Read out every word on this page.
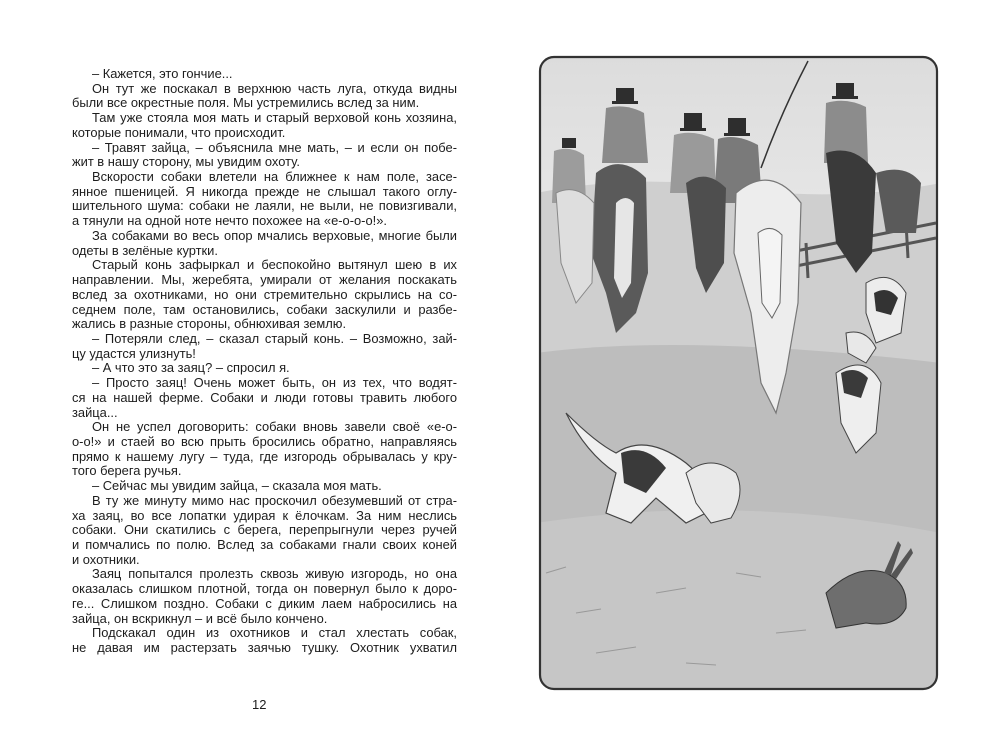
– Кажется, это гончие...
Он тут же поскакал в верхнюю часть луга, откуда видны
были все окрестные поля. Мы устремились вслед за ним.
Там уже стояла моя мать и старый верховой конь хозяина,
которые понимали, что происходит.
– Травят зайца, – объяснила мне мать, – и если он побе-
жит в нашу сторону, мы увидим охоту.
Вскорости собаки влетели на ближнее к нам поле, засе-
янное пшеницей. Я никогда прежде не слышал такого оглу-
шительного шума: собаки не лаяли, не выли, не повизгивали,
а тянули на одной ноте нечто похожее на «е-о-о-о!».
За собаками во весь опор мчались верховые, многие были
одеты в зелёные куртки.
Старый конь зафыркал и беспокойно вытянул шею в их
направлении. Мы, жеребята, умирали от желания поскакать
вслед за охотниками, но они стремительно скрылись на со-
седнем поле, там остановились, собаки заскулили и разбе-
жались в разные стороны, обнюхивая землю.
– Потеряли след, – сказал старый конь. – Возможно, зай-
цу удастся улизнуть!
– А что это за заяц? – спросил я.
– Просто заяц! Очень может быть, он из тех, что водят-
ся на нашей ферме. Собаки и люди готовы травить любого
зайца...
Он не успел договорить: собаки вновь завели своё «е-о-
о-о!» и стаей во всю прыть бросились обратно, направляясь
прямо к нашему лугу – туда, где изгородь обрывалась у кру-
того берега ручья.
– Сейчас мы увидим зайца, – сказала моя мать.
В ту же минуту мимо нас проскочил обезумевший от стра-
ха заяц, во все лопатки удирая к ёлочкам. За ним неслись
собаки. Они скатились с берега, перепрыгнули через ручей
и помчались по полю. Вслед за собаками гнали своих коней
и охотники.
Заяц попытался пролезть сквозь живую изгородь, но она
оказалась слишком плотной, тогда он повернул было к доро-
ге... Слишком поздно. Собаки с диким лаем набросились на
зайца, он вскрикнул – и всё было кончено.
Подскакал один из охотников и стал хлестать собак,
не давая им растерзать заячью тушку. Охотник ухватил
12
